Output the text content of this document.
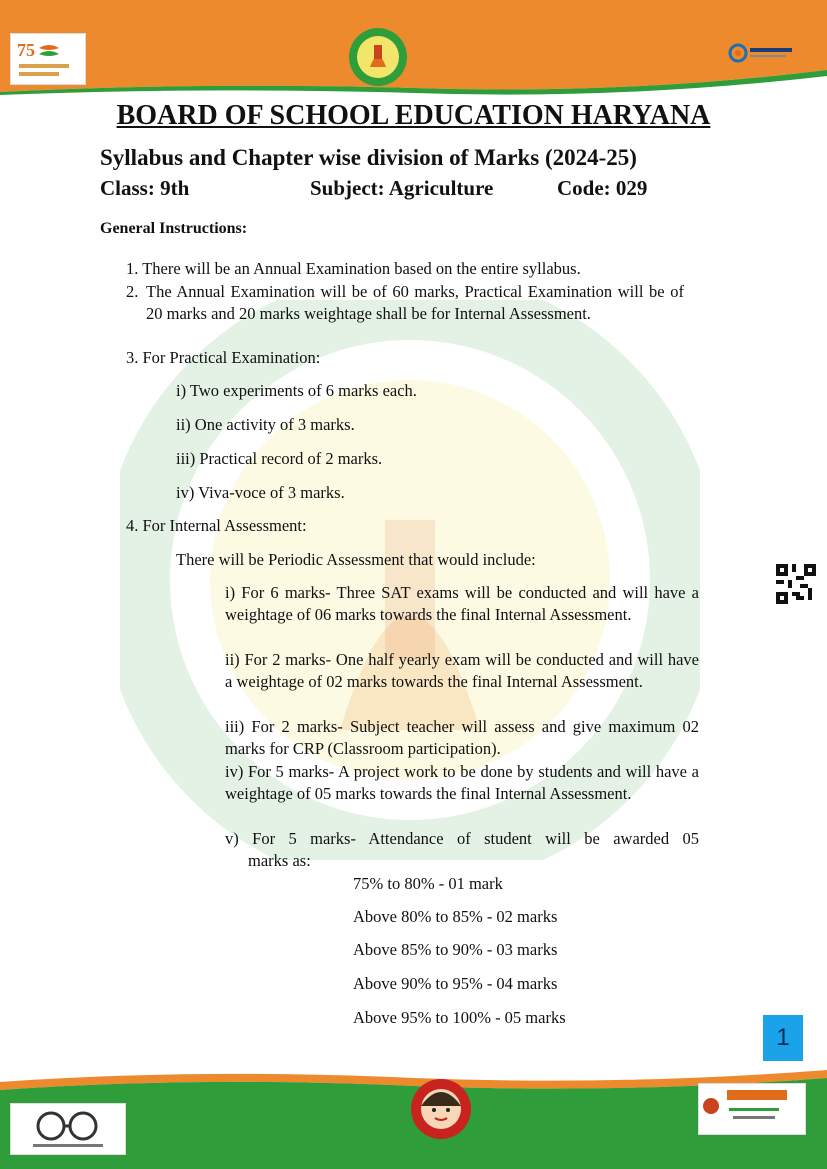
75
BOARD OF SCHOOL EDUCATION HARYANA
Syllabus and Chapter wise division of Marks (2024-25)
Class: 9th	Subject: Agriculture	Code: 029
General Instructions:
1. There will be an Annual Examination based on the entire syllabus.
2. The Annual Examination will be of 60 marks, Practical Examination will be of 20 marks and 20 marks weightage shall be for Internal Assessment.
3. For Practical Examination:
i) Two experiments of 6 marks each.
ii) One activity of 3 marks.
iii) Practical record of 2 marks.
iv) Viva-voce of 3 marks.
4. For Internal Assessment:
There will be Periodic Assessment that would include:
i) For 6 marks- Three SAT exams will be conducted and will have a weightage of 06 marks towards the final Internal Assessment.
ii) For 2 marks- One half yearly exam will be conducted and will have a weightage of 02 marks towards the final Internal Assessment.
iii) For 2 marks- Subject teacher will assess and give maximum 02 marks for CRP (Classroom participation).
iv) For 5 marks- A project work to be done by students and will have a weightage of 05 marks towards the final Internal Assessment.
v) For 5 marks- Attendance of student will be awarded 05
marks as:
75% to 80% - 01 mark
Above 80% to 85% - 02 marks
Above 85% to 90% - 03 marks
Above 90% to 95% - 04 marks
Above 95% to 100% - 05 marks
1
